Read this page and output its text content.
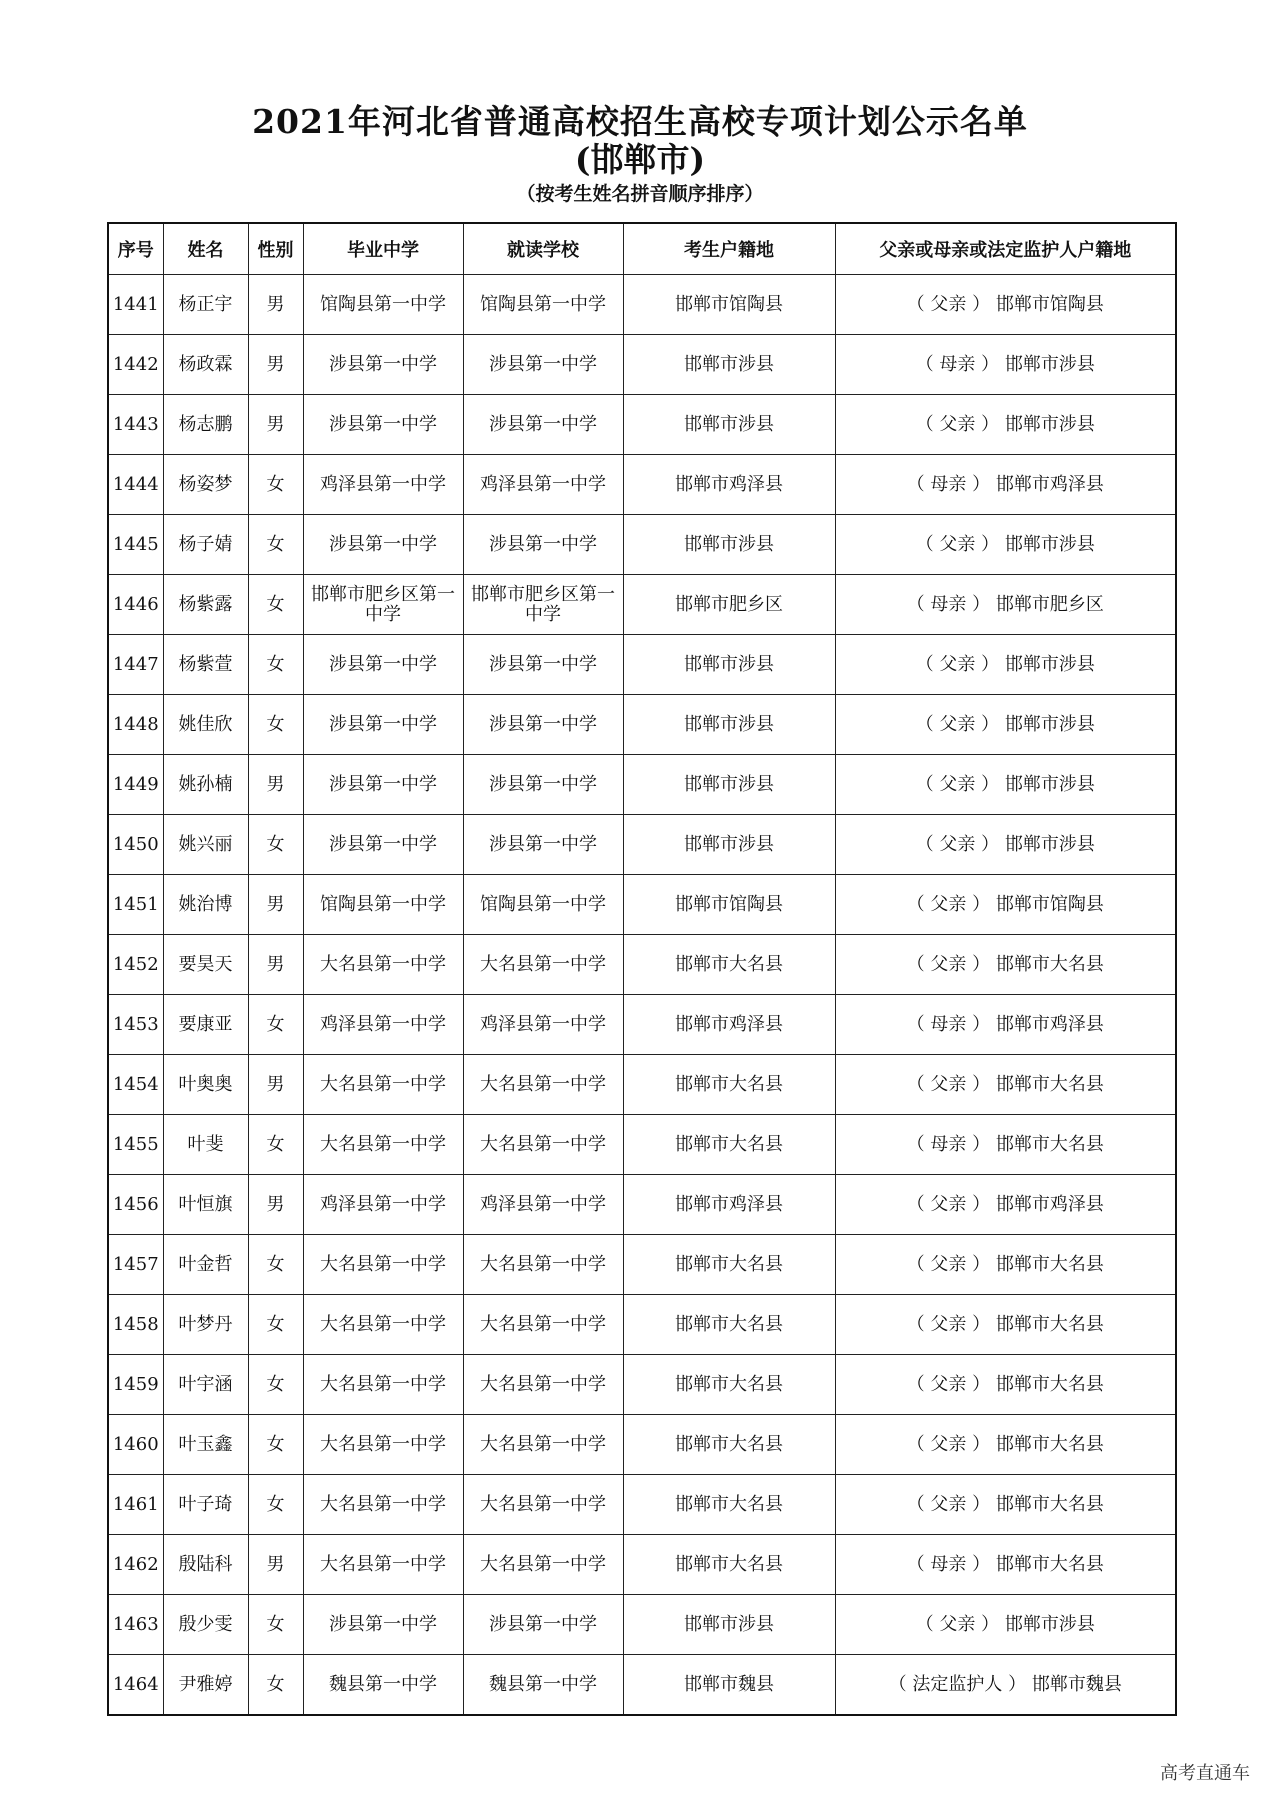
2021年河北省普通高校招生高校专项计划公示名单
(邯郸市)
（按考生姓名拼音顺序排序）
序号	姓名	性别	毕业中学	就读学校	考生户籍地	父亲或母亲或法定监护人户籍地
1441	杨正宇	男	馆陶县第一中学	馆陶县第一中学	邯郸市馆陶县	（ 父亲 ） 邯郸市馆陶县
1442	杨政霖	男	涉县第一中学	涉县第一中学	邯郸市涉县	（ 母亲 ） 邯郸市涉县
1443	杨志鹏	男	涉县第一中学	涉县第一中学	邯郸市涉县	（ 父亲 ） 邯郸市涉县
1444	杨姿梦	女	鸡泽县第一中学	鸡泽县第一中学	邯郸市鸡泽县	（ 母亲 ） 邯郸市鸡泽县
1445	杨子婧	女	涉县第一中学	涉县第一中学	邯郸市涉县	（ 父亲 ） 邯郸市涉县
1446	杨紫露	女	邯郸市肥乡区第一中学	邯郸市肥乡区第一中学	邯郸市肥乡区	（ 母亲 ） 邯郸市肥乡区
1447	杨紫萱	女	涉县第一中学	涉县第一中学	邯郸市涉县	（ 父亲 ） 邯郸市涉县
1448	姚佳欣	女	涉县第一中学	涉县第一中学	邯郸市涉县	（ 父亲 ） 邯郸市涉县
1449	姚孙楠	男	涉县第一中学	涉县第一中学	邯郸市涉县	（ 父亲 ） 邯郸市涉县
1450	姚兴丽	女	涉县第一中学	涉县第一中学	邯郸市涉县	（ 父亲 ） 邯郸市涉县
1451	姚治博	男	馆陶县第一中学	馆陶县第一中学	邯郸市馆陶县	（ 父亲 ） 邯郸市馆陶县
1452	要昊天	男	大名县第一中学	大名县第一中学	邯郸市大名县	（ 父亲 ） 邯郸市大名县
1453	要康亚	女	鸡泽县第一中学	鸡泽县第一中学	邯郸市鸡泽县	（ 母亲 ） 邯郸市鸡泽县
1454	叶奥奥	男	大名县第一中学	大名县第一中学	邯郸市大名县	（ 父亲 ） 邯郸市大名县
1455	叶斐	女	大名县第一中学	大名县第一中学	邯郸市大名县	（ 母亲 ） 邯郸市大名县
1456	叶恒旗	男	鸡泽县第一中学	鸡泽县第一中学	邯郸市鸡泽县	（ 父亲 ） 邯郸市鸡泽县
1457	叶金哲	女	大名县第一中学	大名县第一中学	邯郸市大名县	（ 父亲 ） 邯郸市大名县
1458	叶梦丹	女	大名县第一中学	大名县第一中学	邯郸市大名县	（ 父亲 ） 邯郸市大名县
1459	叶宇涵	女	大名县第一中学	大名县第一中学	邯郸市大名县	（ 父亲 ） 邯郸市大名县
1460	叶玉鑫	女	大名县第一中学	大名县第一中学	邯郸市大名县	（ 父亲 ） 邯郸市大名县
1461	叶子琦	女	大名县第一中学	大名县第一中学	邯郸市大名县	（ 父亲 ） 邯郸市大名县
1462	殷陆科	男	大名县第一中学	大名县第一中学	邯郸市大名县	（ 母亲 ） 邯郸市大名县
1463	殷少雯	女	涉县第一中学	涉县第一中学	邯郸市涉县	（ 父亲 ） 邯郸市涉县
1464	尹雅婷	女	魏县第一中学	魏县第一中学	邯郸市魏县	（ 法定监护人 ） 邯郸市魏县
高考直通车
